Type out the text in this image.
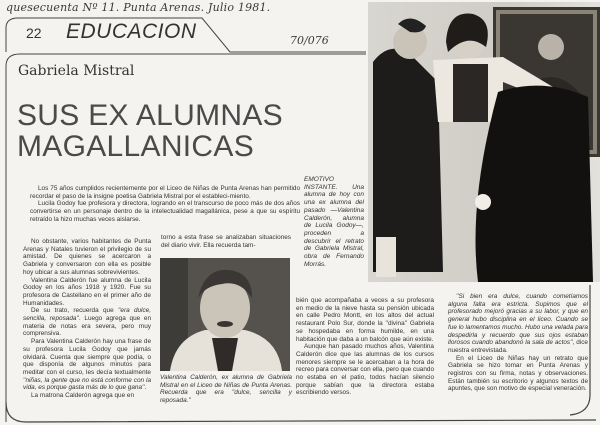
quesecuenta Nº 11. Punta Arenas. Julio 1981.
70/076
22 EDUCACION
Gabriela Mistral
SUS EX ALUMNAS
MAGALLANICAS

Los 75 años cumplidos recientemente por el Liceo de Niñas de Punta Arenas han permitido recordar el paso de la insigne poetisa Gabriela Mistral por el estableci-miento.

Lucila Godoy fue profesora y directora, logrando en el transcurso de poco más de dos años convertirse en un personaje dentro de la intelectualidad magallánica, pese a que su espíritu retraído la hizo muchas veces aislarse.

EMOTIVO INSTANTE. Una alumna de hoy con una ex alumna del pasado —Valentina Calderón, alumna de Lucila Godoy—, proceden a descubrir el retrato de Gabriela Mistral, obra de Fernando Morrás.

No obstante, varios habitantes de Punta Arenas y Natales tuvieron el privilegio de su amistad. De quienes se acercaron a Gabriela y conversaron con ella es posible hoy ubicar a sus alumnas sobrevivientes.

Valentina Calderón fue alumna de Lucila Godoy en los años 1918 y 1920. Fue su profesora de Castellano en el primer año de Humanidades.

De su trato, recuerda que ''era dulce, sencilla, reposada''. Luego agrega que en materia de notas era severa, pero muy comprensiva.

Para Valentina Calderón hay una frase de su profesora Lucila Godoy que jamás olvidará. Cuenta que siempre que podía, o que disponía de algunos minutos para meditar con el curso, les decía textualmente ''niñas, la gente que no está conforme con la vida, es porque gasta más de lo que gana''.

La matrona Calderón agrega que en

torno a esta frase se analizaban situaciones del diario vivir. Ella recuerda tam-

Valentina Calderón, ex alumna de Gabriela Mistral en el Liceo de Niñas de Punta Arenas. Recuerda que era ''dulce, sencilla y reposada.''

bién que acompañaba a veces a su profesora en medio de la nieve hasta su pensión ubicada en calle Pedro Montt, en los altos del actual restaurant Polo Sur, donde la ''divina'' Gabriela se hospedaba en forma humilde, en una habitación que daba a un balcón que aún existe.

Aunque han pasado muchos años, Valentina Calderón dice que las alumnas de los cursos menores siempre se le acercaban a la hora de recreo para conversar con ella, pero que cuando no estaba en el patio, todos hacían silencio porque sabían que la directora estaba escribiendo versos.

''Si bien era dulce, cuando cometíamos alguna falta era estricta. Supimos que el profesorado mejoró gracias a su labor, y que en general hubo disciplina en el liceo. Cuando se fue lo lamentamos mucho. Hubo una velada para despedirla y recuerdo que sus ojos estaban llorosos cuando abandonó la sala de actos'', dice nuestra entrevistada.

En el Liceo de Niñas hay un retrato que Gabriela se hizo tomar en Punta Arenas y registros con su firma, notas y observaciones. Están también su escritorio y algunos textos de apuntes, que son motivo de especial veneración.
